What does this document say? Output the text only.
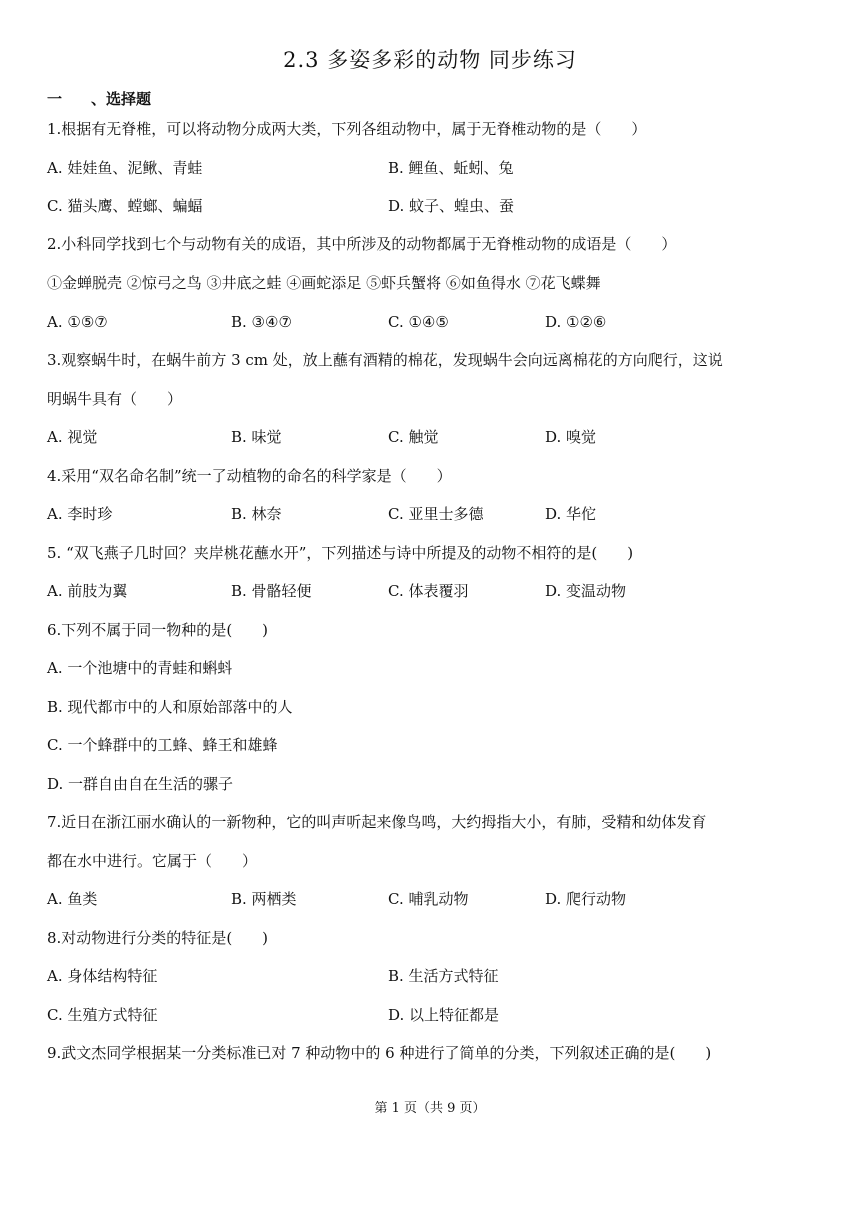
2.3 多姿多彩的动物 同步练习
一 、选择题
1.根据有无脊椎，可以将动物分成两大类，下列各组动物中，属于无脊椎动物的是（　　）
A. 娃娃鱼、泥鳅、青蛙	B. 鲤鱼、蚯蚓、兔
C. 猫头鹰、螳螂、蝙蝠	D. 蚊子、蝗虫、蚕
2.小科同学找到七个与动物有关的成语，其中所涉及的动物都属于无脊椎动物的成语是（　　）
①金蝉脱壳 ②惊弓之鸟 ③井底之蛙 ④画蛇添足 ⑤虾兵蟹将 ⑥如鱼得水 ⑦花飞蝶舞
A. ①⑤⑦	B. ③④⑦	C. ①④⑤	D. ①②⑥
3.观察蜗牛时，在蜗牛前方 3 cm 处，放上蘸有酒精的棉花，发现蜗牛会向远离棉花的方向爬行，这说
明蜗牛具有（　　）
A. 视觉	B. 味觉	C. 触觉	D. 嗅觉
4.采用“双名命名制”统一了动植物的命名的科学家是（　　）
A. 李时珍	B. 林奈	C. 亚里士多德	D. 华佗
5. “双飞燕子几时回？夹岸桃花蘸水开”，下列描述与诗中所提及的动物不相符的是(　　)
A. 前肢为翼	B. 骨骼轻便	C. 体表覆羽	D. 变温动物
6.下列不属于同一物种的是(　　)
A. 一个池塘中的青蛙和蝌蚪
B. 现代都市中的人和原始部落中的人
C. 一个蜂群中的工蜂、蜂王和雄蜂
D. 一群自由自在生活的骡子
7.近日在浙江丽水确认的一新物种，它的叫声听起来像鸟鸣，大约拇指大小，有肺，受精和幼体发育
都在水中进行。它属于（　　）
A. 鱼类	B. 两栖类	C. 哺乳动物	D. 爬行动物
8.对动物进行分类的特征是(　　)
A. 身体结构特征	B. 生活方式特征
C. 生殖方式特征	D. 以上特征都是
9.武文杰同学根据某一分类标准已对 7 种动物中的 6 种进行了简单的分类，下列叙述正确的是(　　)
第 1 页（共 9 页）
